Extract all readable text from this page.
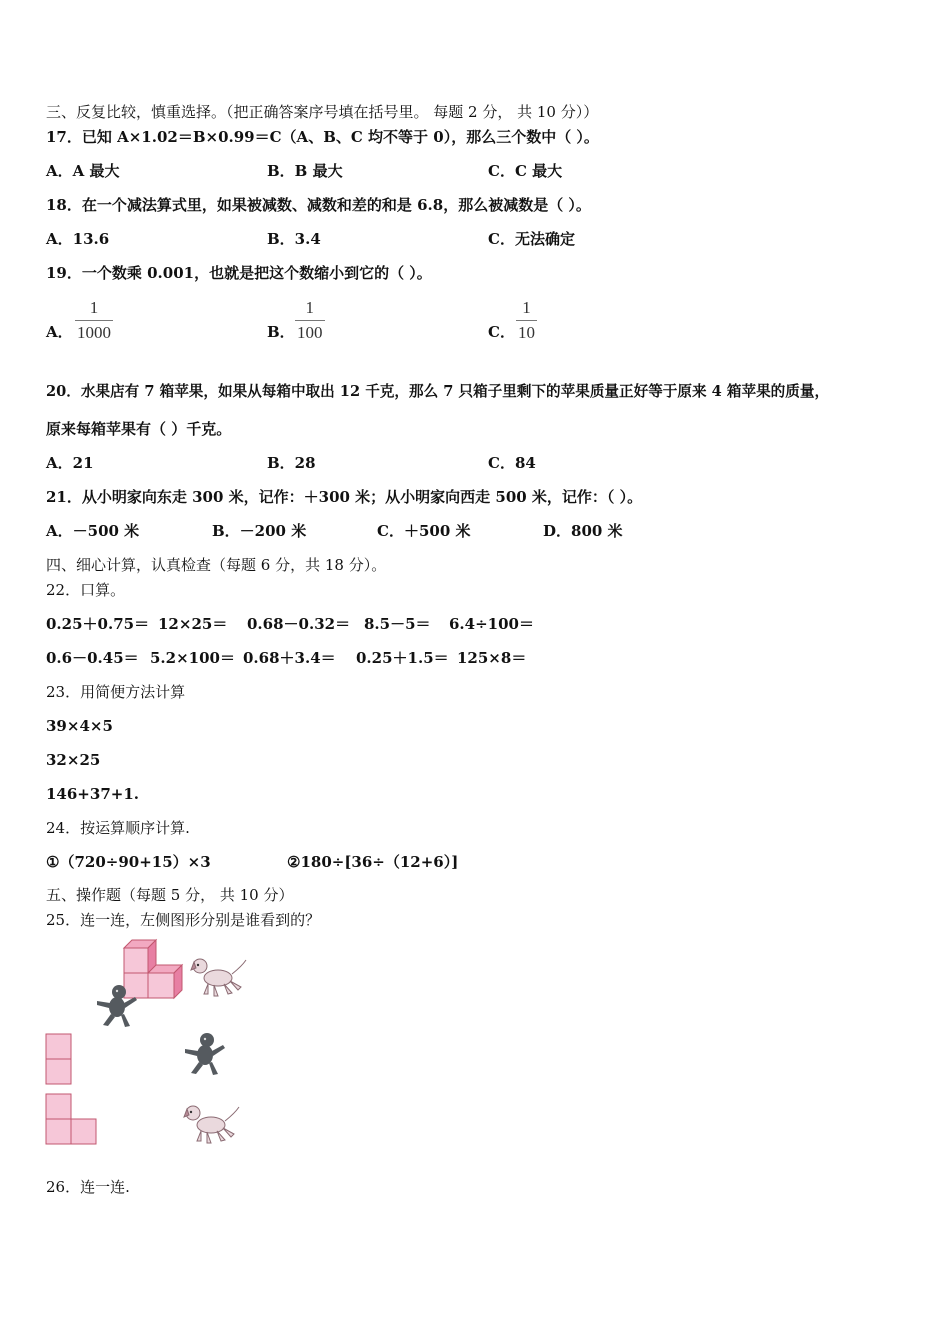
三、反复比较，慎重选择。（把正确答案序号填在括号里。 每题 2 分， 共 10 分））
17．已知 A×1.02＝B×0.99＝C（A、B、C 均不等于 0），那么三个数中（ ）。
A．A 最大	B．B 最大	C．C 最大
18．在一个减法算式里，如果被减数、减数和差的和是 6.8，那么被减数是（ ）。
A．13.6	B．3.4	C．无法确定
19．一个数乘 0.001，也就是把这个数缩小到它的（ ）。
A．
1
1000	B．
1
100	C．
1
10
20．水果店有 7 箱苹果，如果从每箱中取出 12 千克，那么 7 只箱子里剩下的苹果质量正好等于原来 4 箱苹果的质量，
原来每箱苹果有（ ）千克。
A．21	B．28	C．84
21．从小明家向东走 300 米，记作：＋300 米；从小明家向西走 500 米，记作：（ ）。
A．－500 米	B．－200 米	C．＋500 米	D．800 米
四、细心计算，认真检查（每题 6 分，共 18 分）。
22．口算。
0.25＋0.75＝ 12×25＝ 0.68－0.32＝ 8.5－5＝ 6.4÷100＝
0.6－0.45＝ 5.2×100＝ 0.68＋3.4＝ 0.25＋1.5＝ 125×8＝
23．用简便方法计算
39×4×5
32×25
146+37+1.
24．按运算顺序计算.
①（720÷90+15）×3	②180÷[36÷（12+6）]
五、操作题（每题 5 分， 共 10 分）
25．连一连，左侧图形分别是谁看到的？
26．连一连.
